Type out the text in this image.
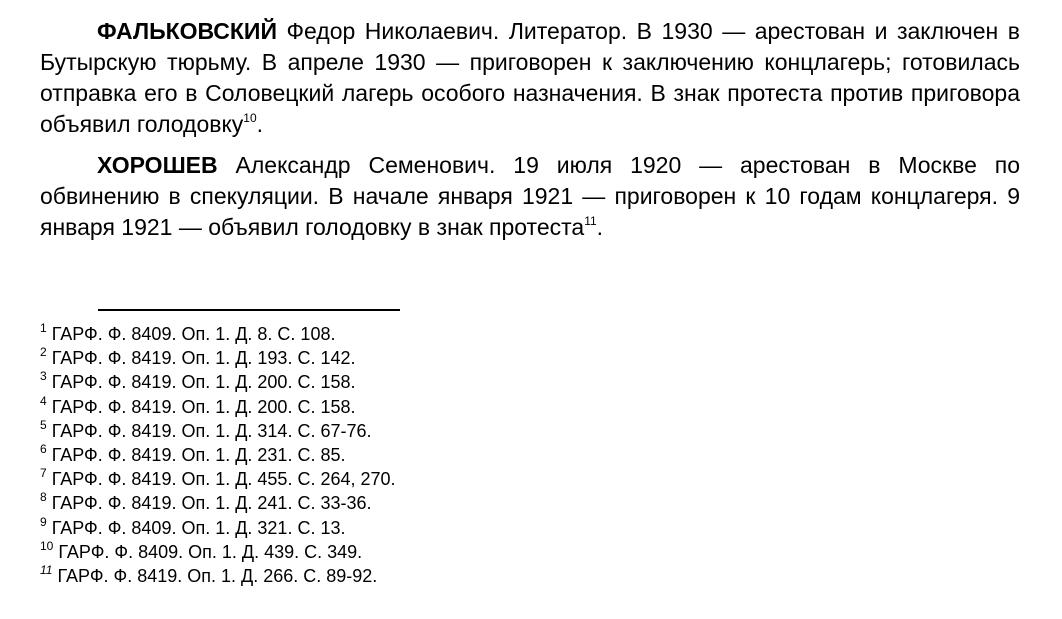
ФАЛЬКОВСКИЙ Федор Николаевич. Литератор. В 1930 — арестован и заключен в Бутырскую тюрьму. В апреле 1930 — приговорен к заключению концлагерь; готовилась отправка его в Соловецкий лагерь особого назначения. В знак протеста против приговора объявил голодовку$^{10}$.

ХОРОШЕВ Александр Семенович. 19 июля 1920 — арестован в Москве по обвинению в спекуляции. В начале января 1921 — приговорен к 10 годам концлагеря. 9 января 1921 — объявил голодовку в знак протеста$^{11}$.

$^1$ ГАРФ. Ф. 8409. Оп. 1. Д. 8. С. 108.
$^2$ ГАРФ. Ф. 8419. Оп. 1. Д. 193. С. 142.
$^3$ ГАРФ. Ф. 8419. Оп. 1. Д. 200. С. 158.
$^4$ ГАРФ. Ф. 8419. Оп. 1. Д. 200. С. 158.
$^5$ ГАРФ. Ф. 8419. Оп. 1. Д. 314. С. 67-76.
$^6$ ГАРФ. Ф. 8419. Оп. 1. Д. 231. С. 85.
$^7$ ГАРФ. Ф. 8419. Оп. 1. Д. 455. С. 264, 270.
$^8$ ГАРФ. Ф. 8419. Оп. 1. Д. 241. С. 33-36.
$^9$ ГАРФ. Ф. 8409. Оп. 1. Д. 321. С. 13.
$^{10}$ ГАРФ. Ф. 8409. Оп. 1. Д. 439. С. 349.
$^{11}$ ГАРФ. Ф. 8419. Оп. 1. Д. 266. С. 89-92.
